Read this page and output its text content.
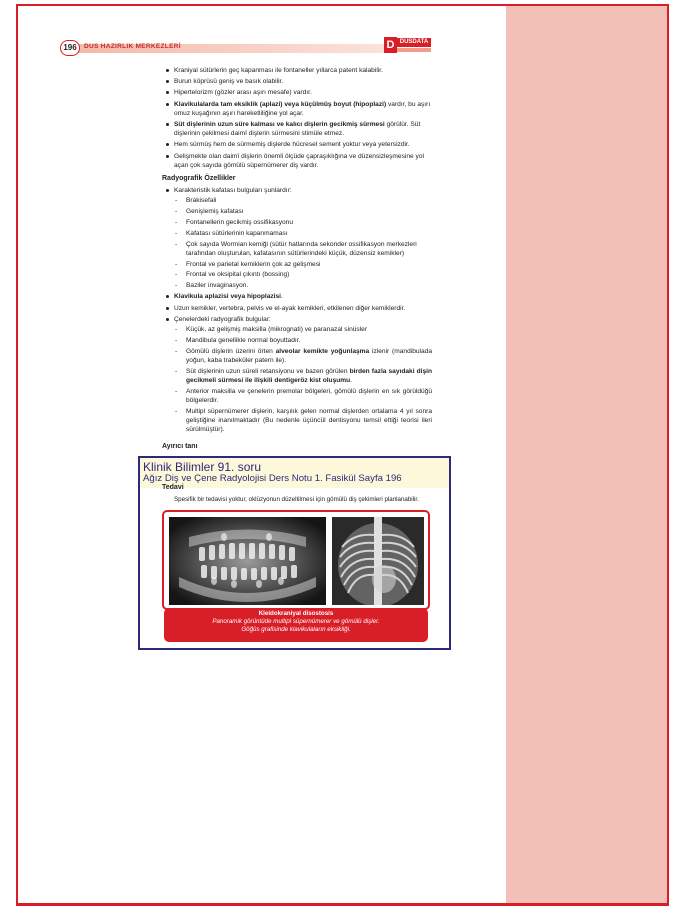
196	DUS HAZIRLIK MERKEZLERİ	D DUSDATA
Kraniyal sütürlerin geç kapanması ile fontaneller yıllarca patent kalabilir.
Burun köprüsü geniş ve basık olabilir.
Hipertelorizm (gözler arası aşırı mesafe) vardır.
Klavikulalarda tam eksiklik (aplazi) veya küçülmüş boyut (hipoplazi) vardır, bu aşırı omuz kuşağının aşırı hareketliliğine yol açar.
Süt dişlerinin uzun süre kalması ve kalıcı dişlerin gecikmiş sürmesi görülür. Süt dişlerinin çekilmesi daimî dişlerin sürmesini stimüle etmez.
Hem sürmüş hem de sürmemiş dişlerde hücresel sement yoktur veya yetersizdir.
Gelişmekte olan daimî dişlerin önemli ölçüde çapraşıklığına ve düzensizleşmesine yol açan çok sayıda gömülü süpernümerer diş vardır.
Radyografik Özellikler
Karakteristik kafatası bulguları şunlardır:
- Brakisefali
- Genişlemiş kafatası
- Fontanellerin gecikmiş ossifikasyonu
- Kafatası sütürlerinin kapanmaması
- Çok sayıda Wormian kemiği (sütür hatlarında sekonder ossifikasyon merkezleri tarafından oluşturulan, kafatasının sütürlerindeki küçük, düzensiz kemikler)
- Frontal ve parietal kemiklerin çok az gelişmesi
- Frontal ve oksipital çıkıntı (bossing)
- Baziler invaginasyon.
Klavikula aplazisi veya hipoplazisi.
Uzun kemikler, vertebra, pelvis ve el-ayak kemikleri, etkilenen diğer kemiklerdir.
Çenelerdeki radyografik bulgular:
- Küçük, az gelişmiş maksilla (mikrognati) ve paranazal sinüsler
- Mandibula genellikle normal boyuttadır.
- Gömülü dişlerin üzerini örten alveolar kemikte yoğunlaşma izlenir (mandibulada yoğun, kaba trabeküler patern ile).
- Süt dişlerinin uzun süreli retansiyonu ve bazen görülen birden fazla sayıdaki dişin gecikmeli sürmesi ile ilişkili dentigeröz kist oluşumu.
- Anterior maksilla ve çenelerin premolar bölgeleri, gömülü dişlerin en sık görüldüğü bölgelerdir.
- Multipl süpernümerer dişlerin, karşılık gelen normal dişlerden ortalama 4 yıl sonra geliştiğine inanılmaktadır (Bu nedenle üçüncül dentisyonu temsil ettiği teorisi ileri sürülmüştür).
Ayırıcı tanı
Klinik Bilimler 91. soru
Ağız Diş ve Çene Radyolojisi Ders Notu 1. Fasikül Sayfa 196
Tedavi
Spesifik bir tedavisi yoktur, oklüzyonun düzeltilmesi için gömülü diş çekimleri planlanabilir.
Kleidokraniyal disostosis
Panoramik görüntüde multipl süpernümerer ve gömülü dişler.
Göğüs grafisinde klavikulaların eksikliği.
